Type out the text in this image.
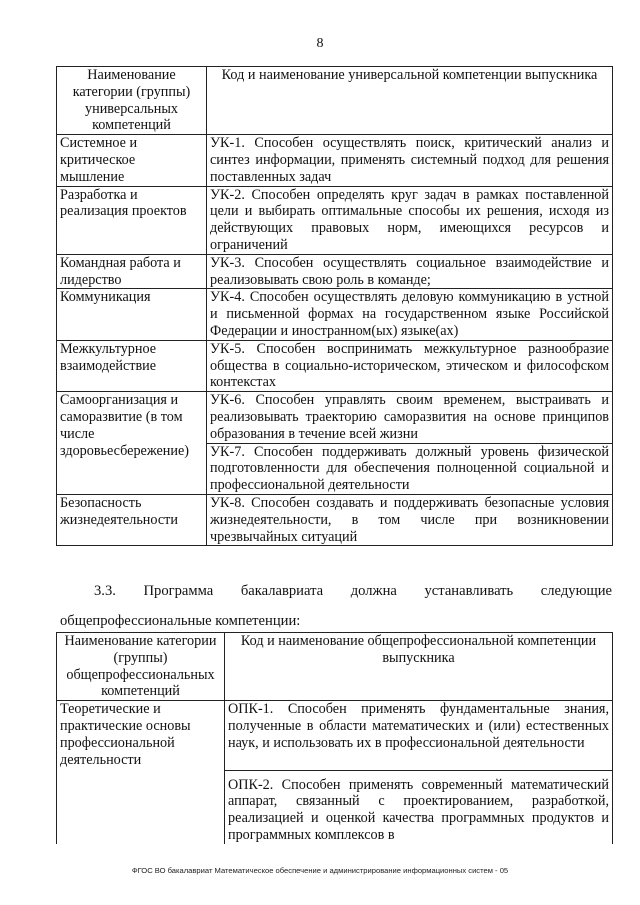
8
Наименование категории (группы) универсальных компетенций	Код и наименование универсальной компетенции выпускника
Системное и критическое мышление	УК-1. Способен осуществлять поиск, критический анализ и синтез информации, применять системный подход для решения поставленных задач
Разработка и реализация проектов	УК-2. Способен определять круг задач в рамках поставленной цели и выбирать оптимальные способы их решения, исходя из действующих правовых норм, имеющихся ресурсов и ограничений
Командная работа и лидерство	УК-3. Способен осуществлять социальное взаимодействие и реализовывать свою роль в команде;
Коммуникация	УК-4. Способен осуществлять деловую коммуникацию в устной и письменной формах на государственном языке Российской Федерации и иностранном(ых) языке(ах)
Межкультурное взаимодействие	УК-5. Способен воспринимать межкультурное разнообразие общества в социально-историческом, этическом и философском контекстах
Самоорганизация и саморазвитие (в том числе здоровьесбережение)	УК-6. Способен управлять своим временем, выстраивать и реализовывать траекторию саморазвития на основе принципов образования в течение всей жизни
	УК-7. Способен поддерживать должный уровень физической подготовленности для обеспечения полноценной социальной и профессиональной деятельности
Безопасность жизнедеятельности	УК-8. Способен создавать и поддерживать безопасные условия жизнедеятельности, в том числе при возникновении чрезвычайных ситуаций
3.3. Программа бакалавриата должна устанавливать следующие
общепрофессиональные компетенции:
Наименование категории (группы) общепрофессиональных компетенций	Код и наименование общепрофессиональной компетенции выпускника
Теоретические и практические основы профессиональной деятельности	ОПК-1. Способен применять фундаментальные знания, полученные в области математических и (или) естественных наук, и использовать их в профессиональной деятельности
	ОПК-2. Способен применять современный математический аппарат, связанный с проектированием, разработкой, реализацией и оценкой качества программных продуктов и программных комплексов в
ФГОС ВО бакалавриат Математическое обеспечение и администрирование информационных систем - 05
